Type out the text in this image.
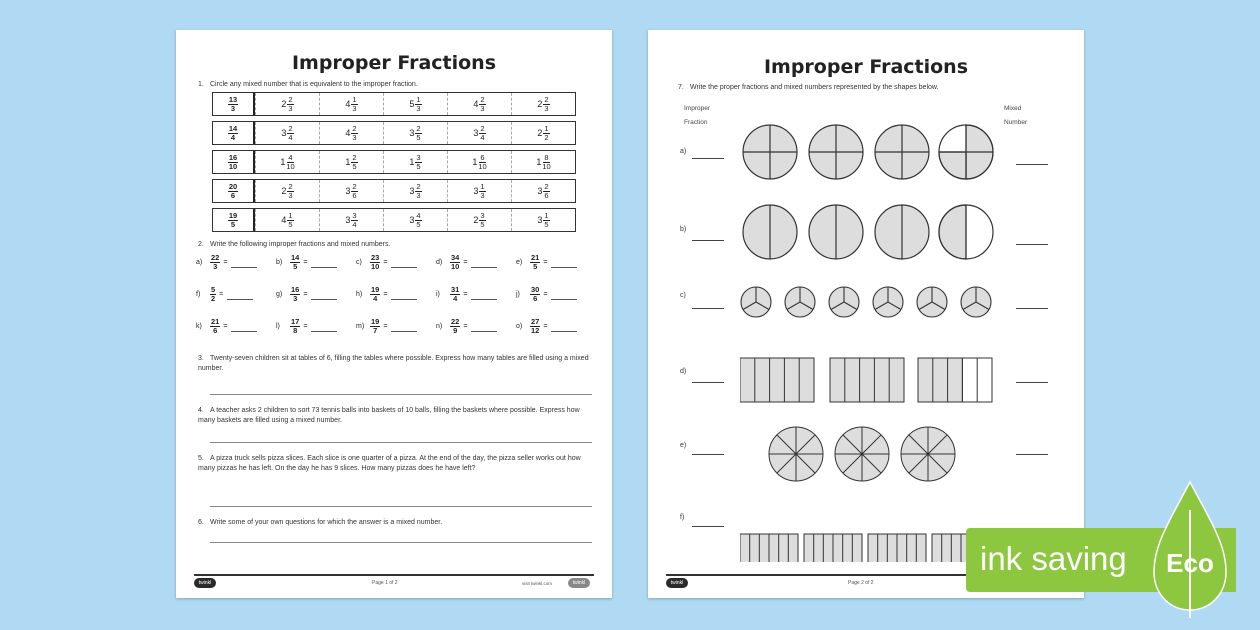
Improper Fractions
1. Circle any mixed number that is equivalent to the improper fraction.
$\frac{13}{3}$	$2 \frac{2}{3}$	$4 \frac{1}{3}$	$5 \frac{1}{3}$	$4 \frac{2}{3}$	$2 \frac{2}{3}$
$\frac{14}{4}$	$3 \frac{2}{4}$	$4 \frac{2}{3}$	$3 \frac{2}{5}$	$3 \frac{2}{4}$	$2 \frac{1}{2}$
$\frac{16}{10}$	$1 \frac{4}{10}$	$1 \frac{2}{5}$	$1 \frac{3}{5}$	$1 \frac{6}{10}$	$1 \frac{8}{10}$
$\frac{20}{6}$	$2 \frac{2}{3}$	$3 \frac{2}{6}$	$3 \frac{2}{3}$	$3 \frac{1}{3}$	$3 \frac{2}{6}$
$\frac{19}{5}$	$4 \frac{1}{5}$	$3 \frac{3}{4}$	$3 \frac{4}{5}$	$2 \frac{3}{5}$	$3 \frac{1}{5}$
2. Write the following improper fractions and mixed numbers.
a)	$\frac{22}{3}$ =	b)	$\frac{14}{5}$ =	c)	$\frac{23}{10}$ =	d)	$\frac{34}{10}$ =	e)	$\frac{21}{5}$ =
f)	$\frac{5}{2}$ =	g)	$\frac{16}{3}$ =	h)	$\frac{19}{4}$ =	i)	$\frac{31}{4}$ =	j)	$\frac{30}{6}$ =
k)	$\frac{21}{6}$ =	l)	$\frac{17}{8}$ =	$m) \frac{19}{7}$ =	n)	$\frac{22}{9}$ =	o)	$\frac{27}{12}$ =
3. Twenty-seven children sit at tables of 6, filling the tables where possible. Express how many tables are filled using a mixed number.
4. A teacher asks 2 children to sort 73 tennis balls into baskets of 10 balls, filling the baskets where possible. Express how many baskets are filled using a mixed number.
5. A pizza truck sells pizza slices. Each slice is one quarter of a pizza. At the end of the day, the pizza seller works out how many pizzas he has left. On the day he has 9 slices. How many pizzas does he have left?
6. Write some of your own questions for which the answer is a mixed number.
twinkl	Page 1 of 2	visit twinkl.com	twinkl
Improper Fractions
7. Write the proper fractions and mixed numbers represented by the shapes below.
Improper
Fraction
Mixed
Number
a)
b)
c)
d)
e)
f)
twinkl	Page 2 of 2
Eco
ink saving
